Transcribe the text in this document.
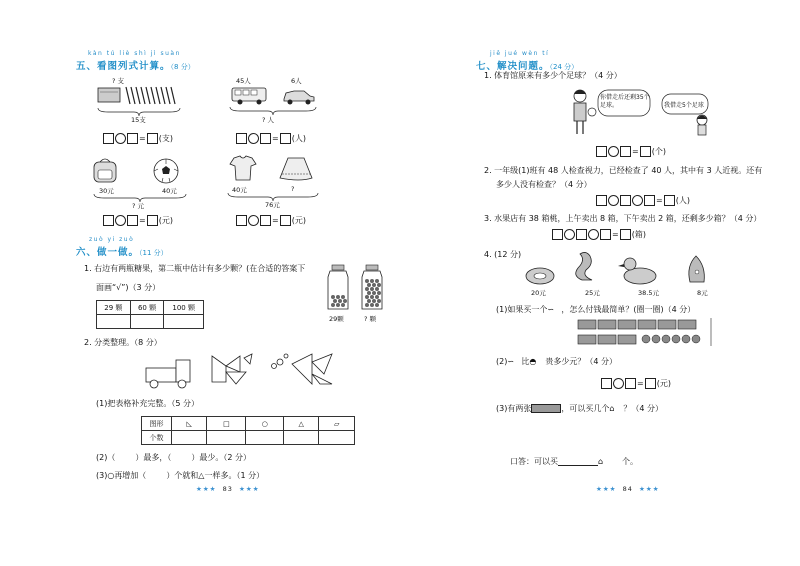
kàn tú liè shì jì suàn
五、看图列式计算。（8 分）
? 支
15支
= (支)
45人	6人
? 人
= (人)
30元	40元
? 元
= (元)
40元	?
76元
= (元)
zuò yi zuò
六、做一做。（11 分）
1. 右边有两瓶糖果，第二瓶中估计有多少颗？(在合适的答案下
面画“√”)（3 分）
29 颗	60 颗	100 颗

29颗	? 颗
2. 分类整理。（8 分）
(1)把表格补充完整。（5 分）
图形	◺	□	○	△	▱
个数					
(2)（	）最多，（	）最少。（2 分）
(3)○再增加（	）个就和△一样多。（1 分）
★★★ 83 ★★★
jiě jué wèn tí
七、解决问题。（24 分）
1. 体育馆原来有多少个足球？（4 分）
你借走后还剩35个
足球。	我借走5个足球
= (个)
2. 一年级(1)班有 48 人检查视力，已经检查了 40 人，其中有 3 人近视。还有
多少人没有检查？（4 分）
= (人)
3. 水果店有 38 箱桃，上午卖出 8 箱，下午卖出 2 箱，还剩多少箱？（4 分）
= (箱)
4. (12 分)
20元	25元	38.5元	8元
(1)如果买一个∽ ，怎么付钱最简单？(圈一圈)（4 分）
(2)∽ 比◓ 贵多少元？（4 分）
= (元)
(3)有两张	，可以买几个⌂ ？（4 分）
口答：可以买	⌂ 个。
★★★ 84 ★★★
